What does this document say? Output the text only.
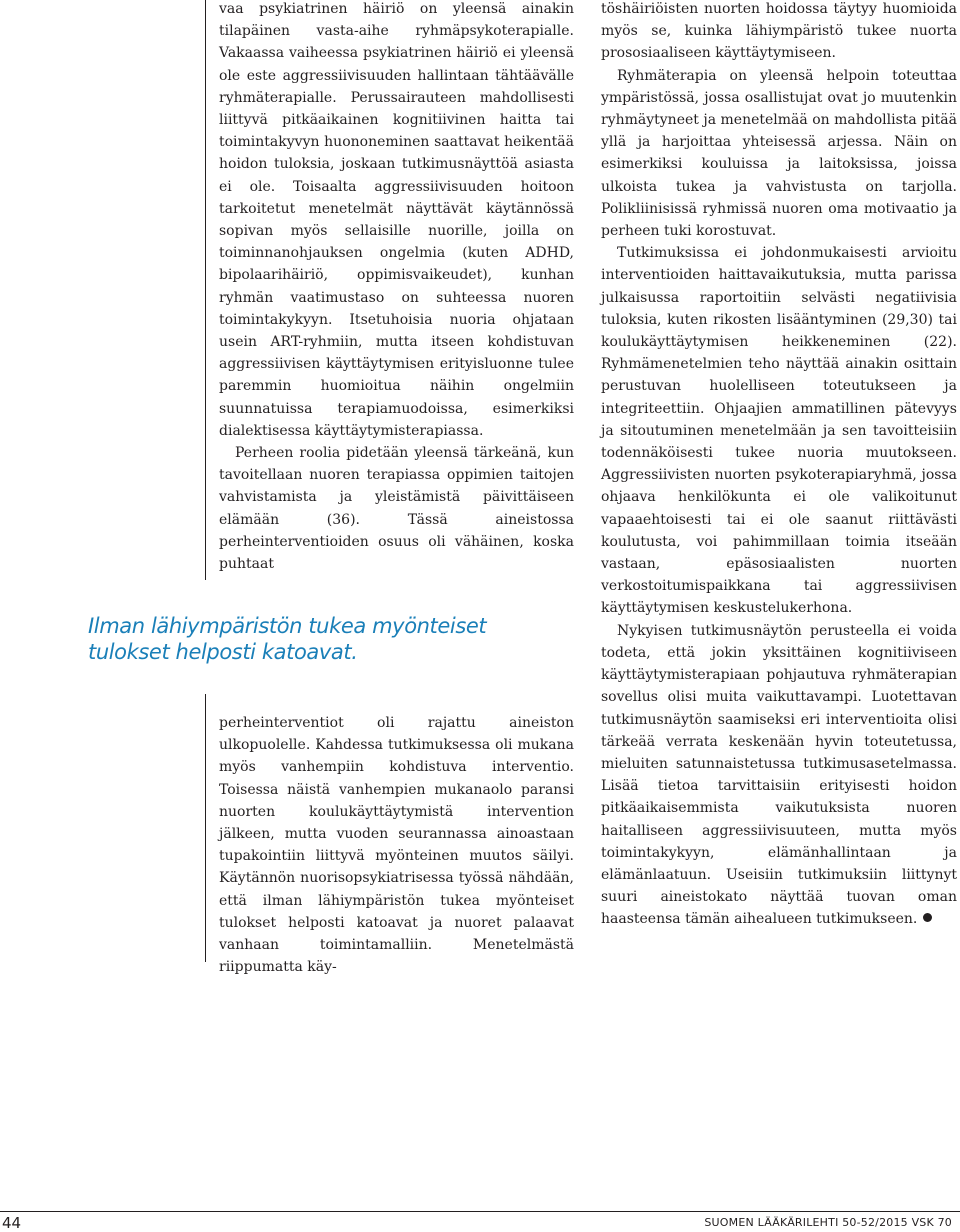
vaa psykiatrinen häiriö on yleensä ainakin tilapäinen vasta-aihe ryhmäpsykoterapialle. Vakaassa vaiheessa psykiatrinen häiriö ei yleensä ole este aggressiivisuuden hallintaan tähtäävälle ryhmäterapialle. Perussairauteen mahdollisesti liittyvä pitkäaikainen kognitiivinen haitta tai toimintakyvyn huononeminen saattavat heikentää hoidon tuloksia, joskaan tutkimusnäyttöä asiasta ei ole. Toisaalta aggressiivisuuden hoitoon tarkoitetut menetelmät näyttävät käytännössä sopivan myös sellaisille nuorille, joilla on toiminnanohjauksen ongelmia (kuten ADHD, bipolaarihäiriö, oppimisvaikeudet), kunhan ryhmän vaatimustaso on suhteessa nuoren toimintakykyyn. Itsetuhoisia nuoria ohjataan usein ART-ryhmiin, mutta itseen kohdistuvan aggressiivisen käyttäytymisen erityisluonne tulee paremmin huomioitua näihin ongelmiin suunnatuissa terapiamuodoissa, esimerkiksi dialektisessa käyttäytymisterapiassa.

Perheen roolia pidetään yleensä tärkeänä, kun tavoitellaan nuoren terapiassa oppimien taitojen vahvistamista ja yleistämistä päivittäiseen elämään (36). Tässä aineistossa perheinterventioiden osuus oli vähäinen, koska puhtaat

Ilman lähiympäristön tukea myönteiset tulokset helposti katoavat.

perheinterventiot oli rajattu aineiston ulkopuolelle. Kahdessa tutkimuksessa oli mukana myös vanhempiin kohdistuva interventio. Toisessa näistä vanhempien mukanaolo paransi nuorten koulukäyttäytymistä intervention jälkeen, mutta vuoden seurannassa ainoastaan tupakointiin liittyvä myönteinen muutos säilyi. Käytännön nuorisopsykiatrisessa työssä nähdään, että ilman lähiympäristön tukea myönteiset tulokset helposti katoavat ja nuoret palaavat vanhaan toimintamalliin. Menetelmästä riippumatta käy-

töshäiriöisten nuorten hoidossa täytyy huomioida myös se, kuinka lähiympäristö tukee nuorta prososiaaliseen käyttäytymiseen.

Ryhmäterapia on yleensä helpoin toteuttaa ympäristössä, jossa osallistujat ovat jo muutenkin ryhmäytyneet ja menetelmää on mahdollista pitää yllä ja harjoittaa yhteisessä arjessa. Näin on esimerkiksi kouluissa ja laitoksissa, joissa ulkoista tukea ja vahvistusta on tarjolla. Polikliinisissä ryhmissä nuoren oma motivaatio ja perheen tuki korostuvat.

Tutkimuksissa ei johdonmukaisesti arvioitu interventioiden haittavaikutuksia, mutta parissa julkaisussa raportoitiin selvästi negatiivisia tuloksia, kuten rikosten lisääntyminen (29,30) tai koulukäyttäytymisen heikkeneminen (22). Ryhmämenetelmien teho näyttää ainakin osittain perustuvan huolelliseen toteutukseen ja integriteettiin. Ohjaajien ammatillinen pätevyys ja sitoutuminen menetelmään ja sen tavoitteisiin todennäköisesti tukee nuoria muutokseen. Aggressiivisten nuorten psykoterapiaryhmä, jossa ohjaava henkilökunta ei ole valikoitunut vapaaehtoisesti tai ei ole saanut riittävästi koulutusta, voi pahimmillaan toimia itseään vastaan, epäsosiaalisten nuorten verkostoitumispaikkana tai aggressiivisen käyttäytymisen keskustelukerhona.

Nykyisen tutkimusnäytön perusteella ei voida todeta, että jokin yksittäinen kognitiiviseen käyttäytymisterapiaan pohjautuva ryhmäterapian sovellus olisi muita vaikuttavampi. Luotettavan tutkimusnäytön saamiseksi eri interventioita olisi tärkeää verrata keskenään hyvin toteutetussa, mieluiten satunnaistetussa tutkimusasetelmassa. Lisää tietoa tarvittaisiin erityisesti hoidon pitkäaikaisemmista vaikutuksista nuoren haitalliseen aggressiivisuuteen, mutta myös toimintakykyyn, elämänhallintaan ja elämänlaatuun. Useisiin tutkimuksiin liittynyt suuri aineistokato näyttää tuovan oman haasteensa tämän aihealueen tutkimukseen.

44	SUOMEN LÄÄKÄRILEHTI 50-52/2015 VSK 70
